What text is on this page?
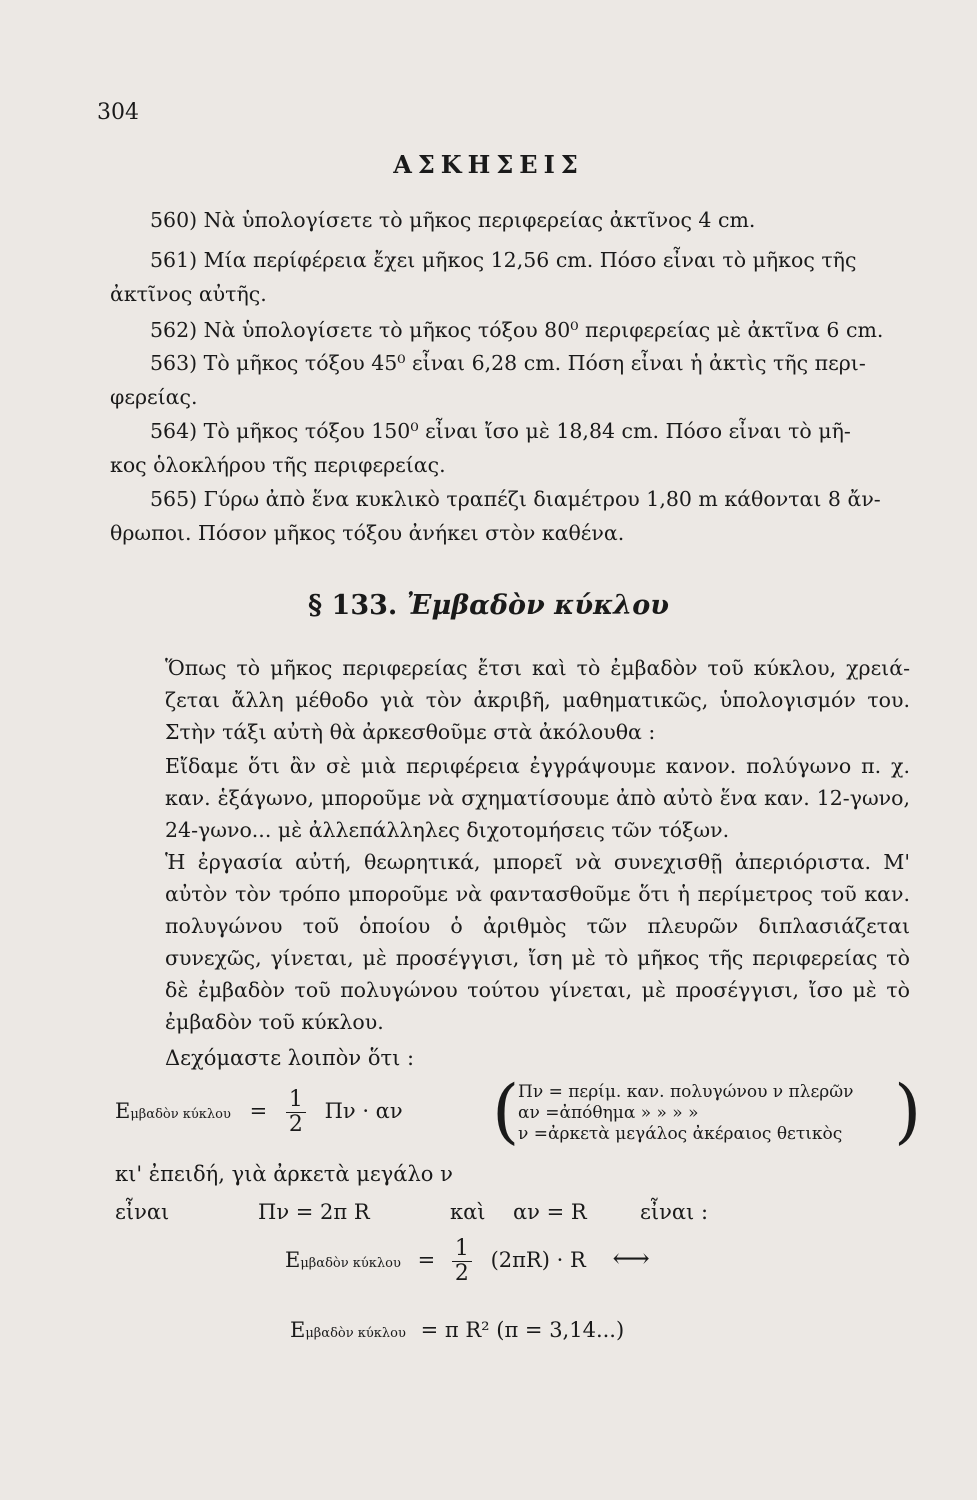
304
ΑΣΚΗΣΕΙΣ
560) Νὰ ὑπολογίσετε τὸ μῆκος περιφερείας ἀκτῖνος 4 cm.
561) Μία περίφέρεια ἔχει μῆκος 12,56 cm. Πόσο εἶναι τὸ μῆκος τῆς
ἀκτῖνος αὐτῆς.
562) Νὰ ὑπολογίσετε τὸ μῆκος τόξου 80⁰ περιφερείας μὲ ἀκτῖνα 6 cm.
563) Τὸ μῆκος τόξου 45⁰ εἶναι 6,28 cm. Πόση εἶναι ἡ ἀκτὶς τῆς περι-
φερείας.
564) Τὸ μῆκος τόξου 150⁰ εἶναι ἴσο μὲ 18,84 cm. Πόσο εἶναι τὸ μῆ-
κος ὁλοκλήρου τῆς περιφερείας.
565) Γύρω ἀπὸ ἕνα κυκλικὸ τραπέζι διαμέτρου 1,80 m κάθονται 8 ἄν-
θρωποι. Πόσον μῆκος τόξου ἀνήκει στὸν καθένα.
§ 133. Ἐμβαδὸν κύκλου
Ὅπως τὸ μῆκος περιφερείας ἔτσι καὶ τὸ ἐμβαδὸν τοῦ κύκλου, χρειά-ζεται ἄλλη μέθοδο γιὰ τὸν ἀκριβῆ, μαθηματικῶς, ὑπολογισμόν του. Στὴν τάξι αὐτὴ θὰ ἀρκεσθοῦμε στὰ ἀκόλουθα :
Εἴδαμε ὅτι ἂν σὲ μιὰ περιφέρεια ἐγγράψουμε κανον. πολύγωνο π. χ. καν. ἑξάγωνο, μποροῦμε νὰ σχηματίσουμε ἀπὸ αὐτὸ ἕνα καν. 12-γωνο, 24-γωνο... μὲ ἀλλεπάλληλες διχοτομήσεις τῶν τόξων.
Ἡ ἐργασία αὐτή, θεωρητικά, μπορεῖ νὰ συνεχισθῇ ἀπεριόριστα. Μ' αὐτὸν τὸν τρόπο μποροῦμε νὰ φαντασθοῦμε ὅτι ἡ περίμετρος τοῦ καν. πολυγώνου τοῦ ὁποίου ὁ ἀριθμὸς τῶν πλευρῶν διπλασιάζεται συνεχῶς, γίνεται, μὲ προσέγγισι, ἴση μὲ τὸ μῆκος τῆς περιφερείας τὸ δὲ ἐμβαδὸν τοῦ πολυγώνου τούτου γίνεται, μὲ προσέγγισι, ἴσο μὲ τὸ ἐμβαδὸν τοῦ κύκλου.
Δεχόμαστε λοιπὸν ὅτι :
Εμβαδὸν $\kappa ύ\kappa\lambda o\upsilon = \frac{1}{2}$ Πν · αν (
Πν = περίμ. καν. πολυγώνου ν πλερῶν
αν =ἀπόθημα » » » »
ν =ἀρκετὰ μεγάλος ἀκέραιος θετικὸς )
κι' ἐπειδή, γιὰ ἀρκετὰ μεγάλο ν
εἶναι	Πν = 2π R	καὶ αν = R	εἶναι :
Εμβαδὸν $\kappa ύ\kappa\lambda o\upsilon = \frac{1}{2} (2\pi R) \cdot R$ ⟷
Εμβαδὸν κύκλου = π R² (π = 3,14...)
